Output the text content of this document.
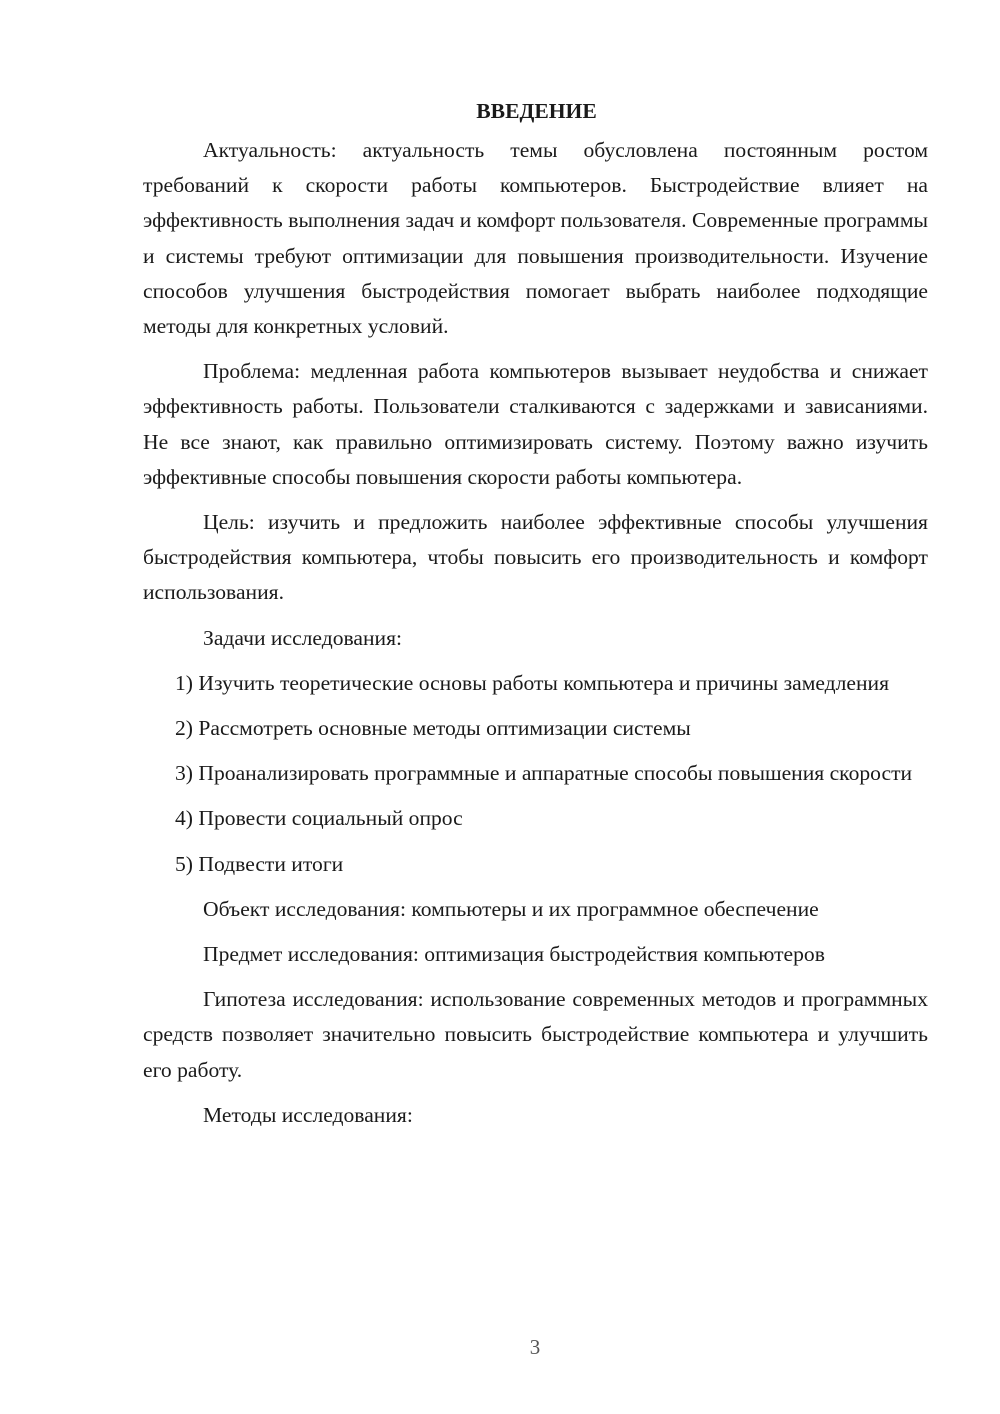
ВВЕДЕНИЕ

Актуальность: актуальность темы обусловлена постоянным ростом требований к скорости работы компьютеров. Быстродействие влияет на эффективность выполнения задач и комфорт пользователя. Современные программы и системы требуют оптимизации для повышения производительности. Изучение способов улучшения быстродействия помогает выбрать наиболее подходящие методы для конкретных условий.

Проблема: медленная работа компьютеров вызывает неудобства и снижает эффективность работы. Пользователи сталкиваются с задержками и зависаниями. Не все знают, как правильно оптимизировать систему. Поэтому важно изучить эффективные способы повышения скорости работы компьютера.

Цель: изучить и предложить наиболее эффективные способы улучшения быстродействия компьютера, чтобы повысить его производительность и комфорт использования.

Задачи исследования:

1) Изучить теоретические основы работы компьютера и причины замедления

2) Рассмотреть основные методы оптимизации системы

3) Проанализировать программные и аппаратные способы повышения скорости

4) Провести социальный опрос

5) Подвести итоги

Объект исследования: компьютеры и их программное обеспечение

Предмет исследования: оптимизация быстродействия компьютеров

Гипотеза исследования: использование современных методов и программных средств позволяет значительно повысить быстродействие компьютера и улучшить его работу.

Методы исследования:

3
